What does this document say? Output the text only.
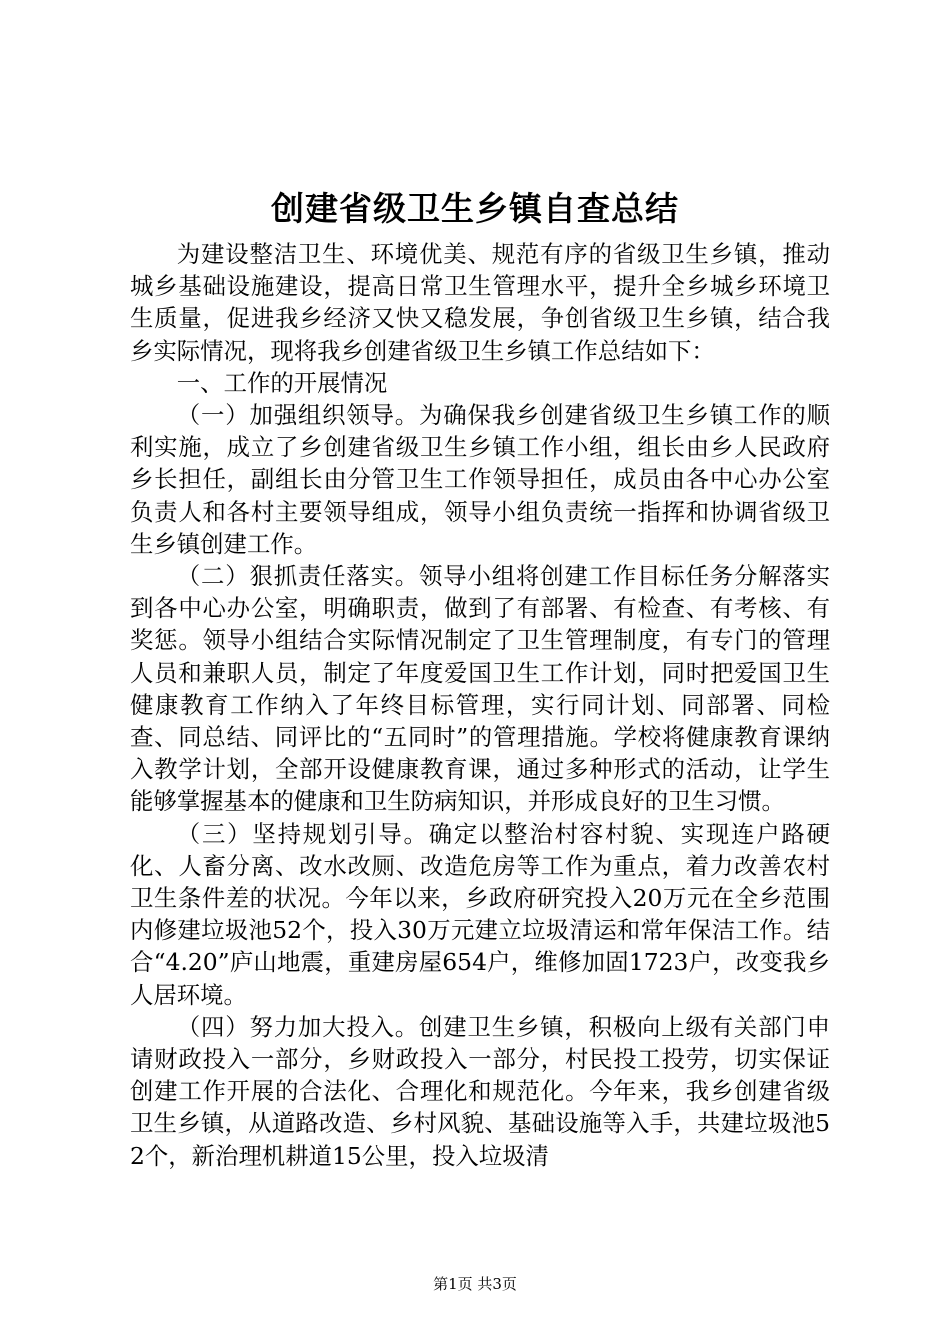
创建省级卫生乡镇自查总结

为建设整洁卫生、环境优美、规范有序的省级卫生乡镇，推动城乡基础设施建设，提高日常卫生管理水平，提升全乡城乡环境卫生质量，促进我乡经济又快又稳发展，争创省级卫生乡镇，结合我乡实际情况，现将我乡创建省级卫生乡镇工作总结如下：

一、工作的开展情况

（一）加强组织领导。为确保我乡创建省级卫生乡镇工作的顺利实施，成立了乡创建省级卫生乡镇工作小组，组长由乡人民政府乡长担任，副组长由分管卫生工作领导担任，成员由各中心办公室负责人和各村主要领导组成，领导小组负责统一指挥和协调省级卫生乡镇创建工作。

（二）狠抓责任落实。领导小组将创建工作目标任务分解落实到各中心办公室，明确职责，做到了有部署、有检查、有考核、有奖惩。领导小组结合实际情况制定了卫生管理制度，有专门的管理人员和兼职人员，制定了年度爱国卫生工作计划，同时把爱国卫生健康教育工作纳入了年终目标管理，实行同计划、同部署、同检查、同总结、同评比的“五同时”的管理措施。学校将健康教育课纳入教学计划，全部开设健康教育课，通过多种形式的活动，让学生能够掌握基本的健康和卫生防病知识，并形成良好的卫生习惯。

（三）坚持规划引导。确定以整治村容村貌、实现连户路硬化、人畜分离、改水改厕、改造危房等工作为重点，着力改善农村卫生条件差的状况。今年以来，乡政府研究投入20万元在全乡范围内修建垃圾池52个，投入30万元建立垃圾清运和常年保洁工作。结合“4.20”庐山地震，重建房屋654户，维修加固1723户，改变我乡人居环境。

（四）努力加大投入。创建卫生乡镇，积极向上级有关部门申请财政投入一部分，乡财政投入一部分，村民投工投劳，切实保证创建工作开展的合法化、合理化和规范化。今年来，我乡创建省级卫生乡镇，从道路改造、乡村风貌、基础设施等入手，共建垃圾池52个，新治理机耕道15公里，投入垃圾清

第1页 共3页
